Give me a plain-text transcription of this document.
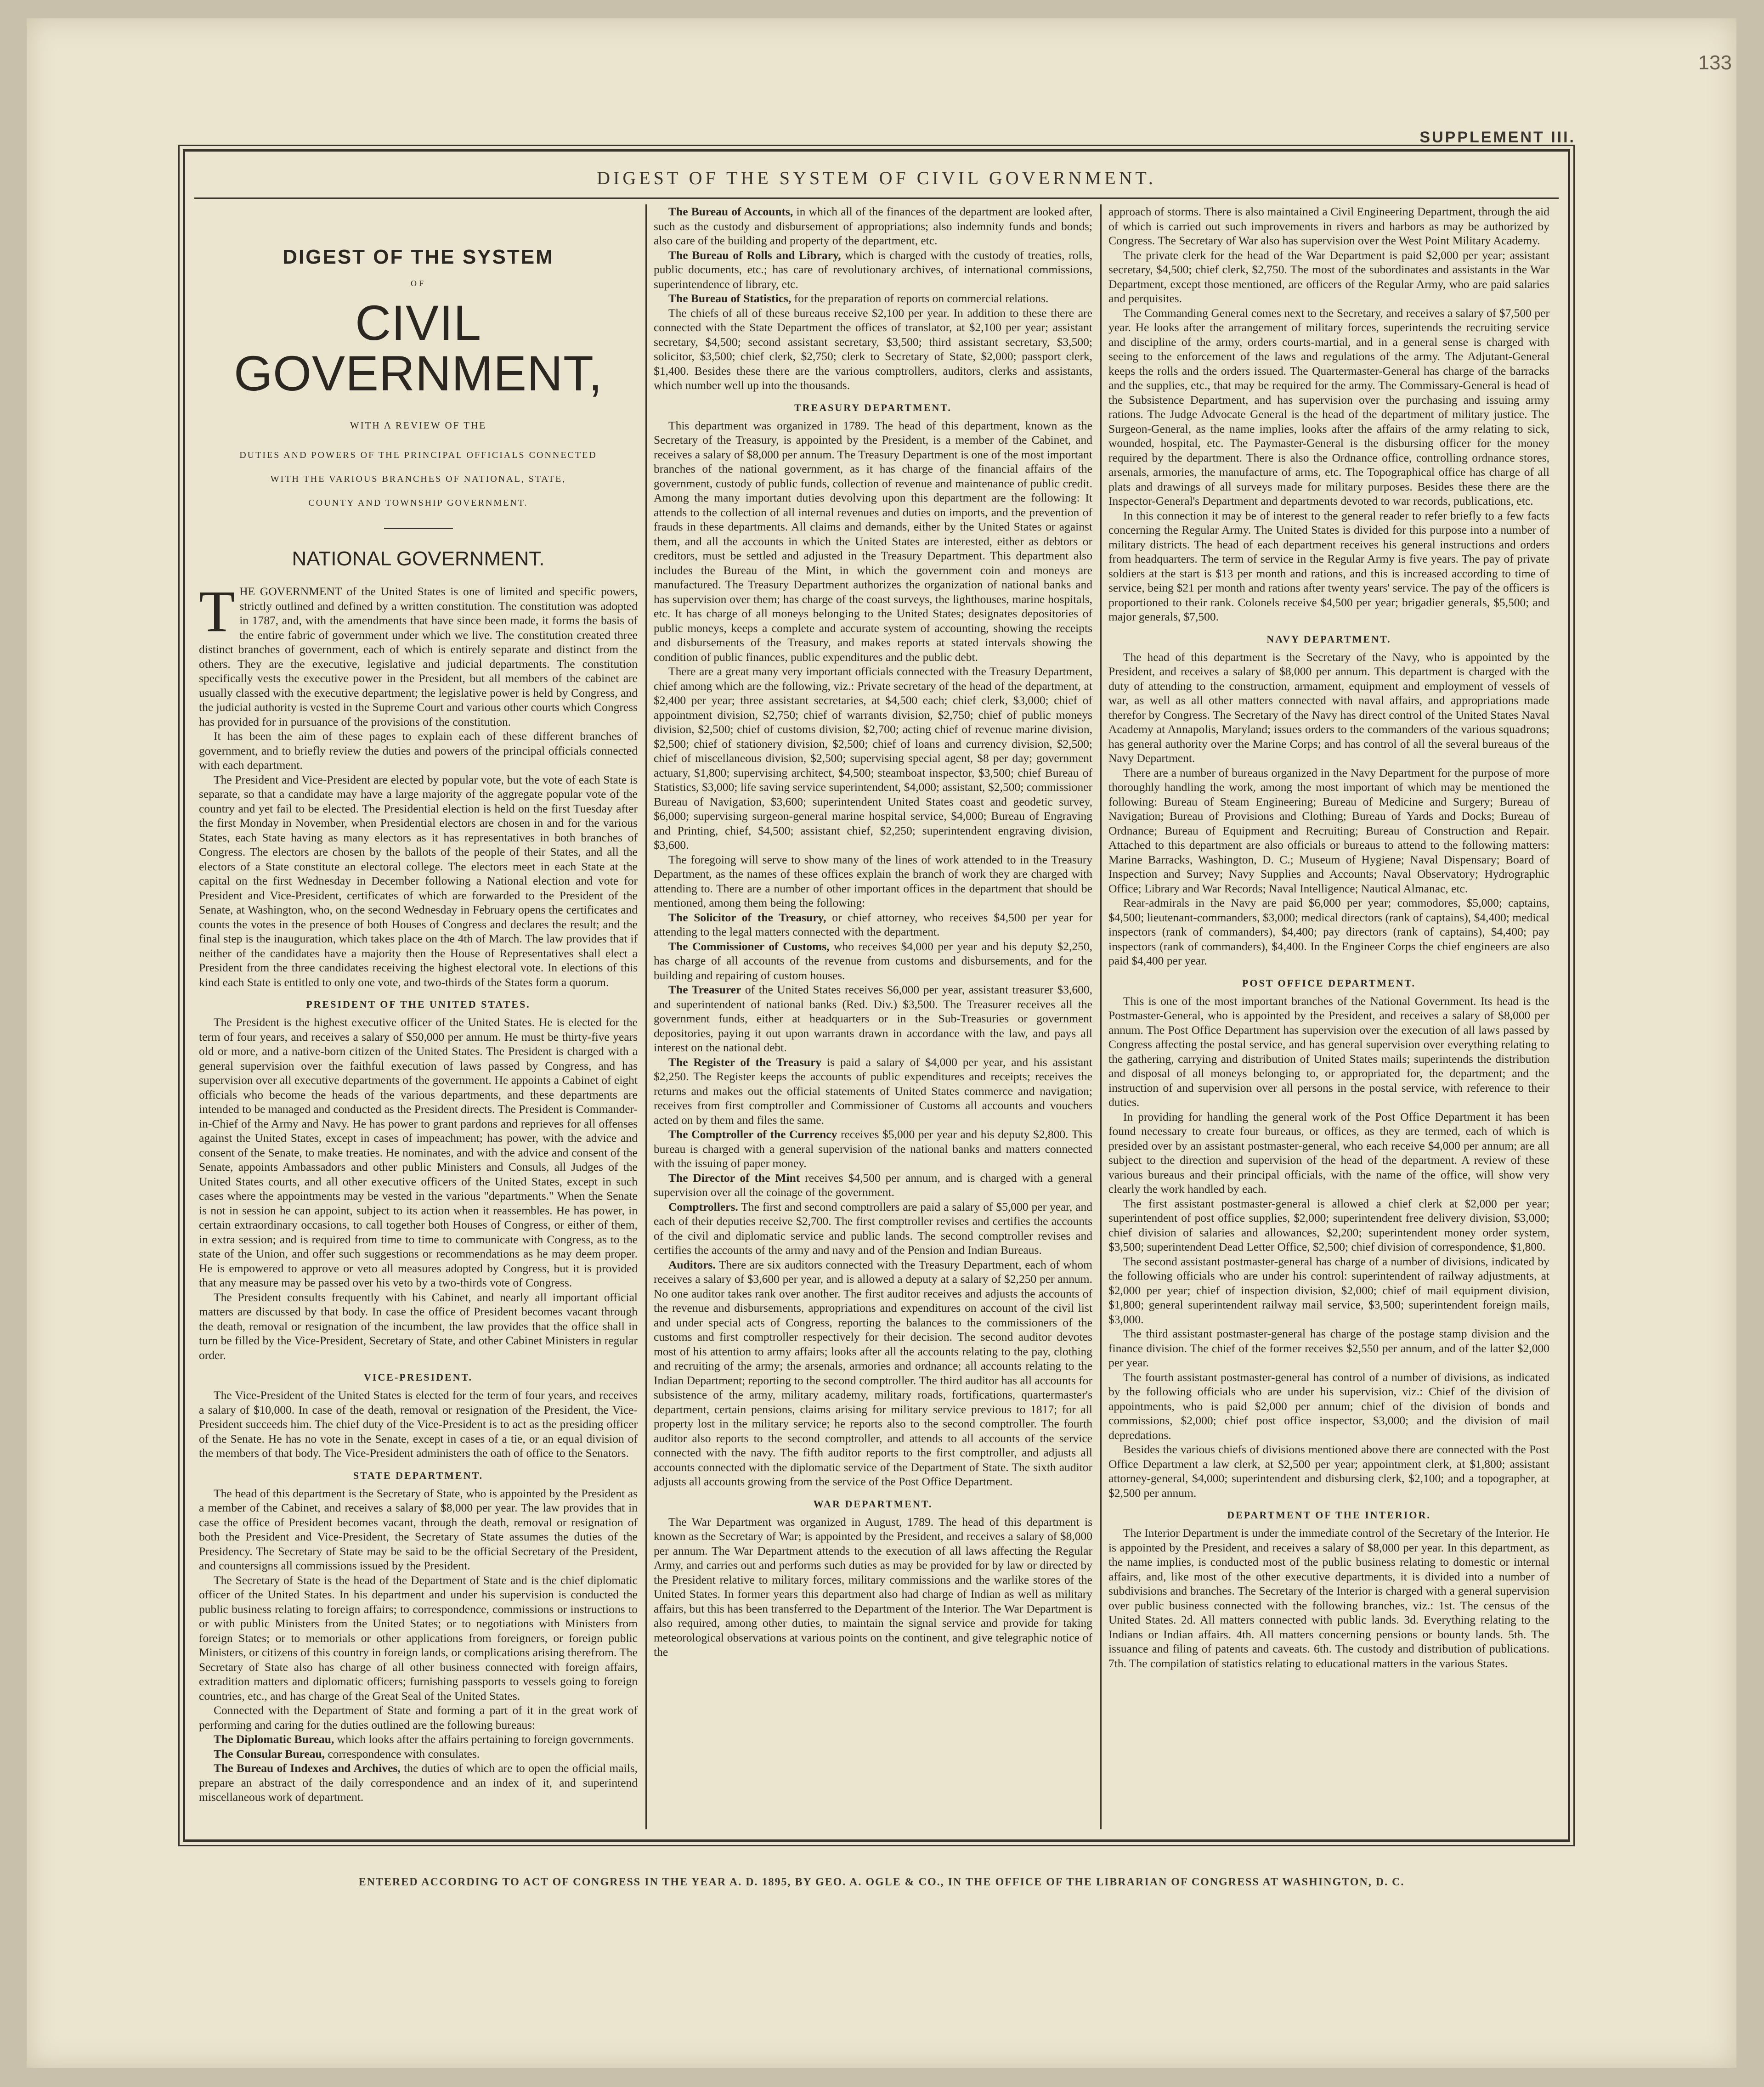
133
SUPPLEMENT III.
DIGEST OF THE SYSTEM OF CIVIL GOVERNMENT.
DIGEST OF THE SYSTEM
OF
CIVIL GOVERNMENT,
WITH A REVIEW OF THE
DUTIES AND POWERS OF THE PRINCIPAL OFFICIALS CONNECTED
WITH THE VARIOUS BRANCHES OF NATIONAL, STATE,
COUNTY AND TOWNSHIP GOVERNMENT.
NATIONAL GOVERNMENT.

THE GOVERNMENT of the United States is one of limited and specific powers, strictly outlined and defined by a written constitution. The constitution was adopted in 1787, and, with the amendments that have since been made, it forms the basis of the entire fabric of government under which we live. The constitution created three distinct branches of government, each of which is entirely separate and distinct from the others. They are the executive, legislative and judicial departments. The constitution specifically vests the executive power in the President, but all members of the cabinet are usually classed with the executive department; the legislative power is held by Congress, and the judicial authority is vested in the Supreme Court and various other courts which Congress has provided for in pursuance of the provisions of the constitution.

It has been the aim of these pages to explain each of these different branches of government, and to briefly review the duties and powers of the principal officials connected with each department.

The President and Vice-President are elected by popular vote, but the vote of each State is separate, so that a candidate may have a large majority of the aggregate popular vote of the country and yet fail to be elected. The Presidential election is held on the first Tuesday after the first Monday in November, when Presidential electors are chosen in and for the various States, each State having as many electors as it has representatives in both branches of Congress. The electors are chosen by the ballots of the people of their States, and all the electors of a State constitute an electoral college. The electors meet in each State at the capital on the first Wednesday in December following a National election and vote for President and Vice-President, certificates of which are forwarded to the President of the Senate, at Washington, who, on the second Wednesday in February opens the certificates and counts the votes in the presence of both Houses of Congress and declares the result; and the final step is the inauguration, which takes place on the 4th of March. The law provides that if neither of the candidates have a majority then the House of Representatives shall elect a President from the three candidates receiving the highest electoral vote. In elections of this kind each State is entitled to only one vote, and two-thirds of the States form a quorum.

PRESIDENT OF THE UNITED STATES.

The President is the highest executive officer of the United States. He is elected for the term of four years, and receives a salary of $50,000 per annum. He must be thirty-five years old or more, and a native-born citizen of the United States. The President is charged with a general supervision over the faithful execution of laws passed by Congress, and has supervision over all executive departments of the government. He appoints a Cabinet of eight officials who become the heads of the various departments, and these departments are intended to be managed and conducted as the President directs. The President is Commander-in-Chief of the Army and Navy. He has power to grant pardons and reprieves for all offenses against the United States, except in cases of impeachment; has power, with the advice and consent of the Senate, to make treaties. He nominates, and with the advice and consent of the Senate, appoints Ambassadors and other public Ministers and Consuls, all Judges of the United States courts, and all other executive officers of the United States, except in such cases where the appointments may be vested in the various "departments." When the Senate is not in session he can appoint, subject to its action when it reassembles. He has power, in certain extraordinary occasions, to call together both Houses of Congress, or either of them, in extra session; and is required from time to time to communicate with Congress, as to the state of the Union, and offer such suggestions or recommendations as he may deem proper. He is empowered to approve or veto all measures adopted by Congress, but it is provided that any measure may be passed over his veto by a two-thirds vote of Congress.

The President consults frequently with his Cabinet, and nearly all important official matters are discussed by that body. In case the office of President becomes vacant through the death, removal or resignation of the incumbent, the law provides that the office shall in turn be filled by the Vice-President, Secretary of State, and other Cabinet Ministers in regular order.

VICE-PRESIDENT.

The Vice-President of the United States is elected for the term of four years, and receives a salary of $10,000. In case of the death, removal or resignation of the President, the Vice-President succeeds him. The chief duty of the Vice-President is to act as the presiding officer of the Senate. He has no vote in the Senate, except in cases of a tie, or an equal division of the members of that body. The Vice-President administers the oath of office to the Senators.

STATE DEPARTMENT.

The head of this department is the Secretary of State, who is appointed by the President as a member of the Cabinet, and receives a salary of $8,000 per year. The law provides that in case the office of President becomes vacant, through the death, removal or resignation of both the President and Vice-President, the Secretary of State assumes the duties of the Presidency. The Secretary of State may be said to be the official Secretary of the President, and countersigns all commissions issued by the President.

The Secretary of State is the head of the Department of State and is the chief diplomatic officer of the United States. In his department and under his supervision is conducted the public business relating to foreign affairs; to correspondence, commissions or instructions to or with public Ministers from the United States; or to negotiations with Ministers from foreign States; or to memorials or other applications from foreigners, or foreign public Ministers, or citizens of this country in foreign lands, or complications arising therefrom. The Secretary of State also has charge of all other business connected with foreign affairs, extradition matters and diplomatic officers; furnishing passports to vessels going to foreign countries, etc., and has charge of the Great Seal of the United States.

Connected with the Department of State and forming a part of it in the great work of performing and caring for the duties outlined are the following bureaus:

The Diplomatic Bureau, which looks after the affairs pertaining to foreign governments.

The Consular Bureau, correspondence with consulates.

The Bureau of Indexes and Archives, the duties of which are to open the official mails, prepare an abstract of the daily correspondence and an index of it, and superintend miscellaneous work of department.

The Bureau of Accounts, in which all of the finances of the department are looked after, such as the custody and disbursement of appropriations; also indemnity funds and bonds; also care of the building and property of the department, etc.

The Bureau of Rolls and Library, which is charged with the custody of treaties, rolls, public documents, etc.; has care of revolutionary archives, of international commissions, superintendence of library, etc.

The Bureau of Statistics, for the preparation of reports on commercial relations.

The chiefs of all of these bureaus receive $2,100 per year. In addition to these there are connected with the State Department the offices of translator, at $2,100 per year; assistant secretary, $4,500; second assistant secretary, $3,500; third assistant secretary, $3,500; solicitor, $3,500; chief clerk, $2,750; clerk to Secretary of State, $2,000; passport clerk, $1,400. Besides these there are the various comptrollers, auditors, clerks and assistants, which number well up into the thousands.

TREASURY DEPARTMENT.

This department was organized in 1789. The head of this department, known as the Secretary of the Treasury, is appointed by the President, is a member of the Cabinet, and receives a salary of $8,000 per annum. The Treasury Department is one of the most important branches of the national government, as it has charge of the financial affairs of the government, custody of public funds, collection of revenue and maintenance of public credit. Among the many important duties devolving upon this department are the following: It attends to the collection of all internal revenues and duties on imports, and the prevention of frauds in these departments. All claims and demands, either by the United States or against them, and all the accounts in which the United States are interested, either as debtors or creditors, must be settled and adjusted in the Treasury Department. This department also includes the Bureau of the Mint, in which the government coin and moneys are manufactured. The Treasury Department authorizes the organization of national banks and has supervision over them; has charge of the coast surveys, the lighthouses, marine hospitals, etc. It has charge of all moneys belonging to the United States; designates depositories of public moneys, keeps a complete and accurate system of accounting, showing the receipts and disbursements of the Treasury, and makes reports at stated intervals showing the condition of public finances, public expenditures and the public debt.

There are a great many very important officials connected with the Treasury Department, chief among which are the following, viz.: Private secretary of the head of the department, at $2,400 per year; three assistant secretaries, at $4,500 each; chief clerk, $3,000; chief of appointment division, $2,750; chief of warrants division, $2,750; chief of public moneys division, $2,500; chief of customs division, $2,700; acting chief of revenue marine division, $2,500; chief of stationery division, $2,500; chief of loans and currency division, $2,500; chief of miscellaneous division, $2,500; supervising special agent, $8 per day; government actuary, $1,800; supervising architect, $4,500; steamboat inspector, $3,500; chief Bureau of Statistics, $3,000; life saving service superintendent, $4,000; assistant, $2,500; commissioner Bureau of Navigation, $3,600; superintendent United States coast and geodetic survey, $6,000; supervising surgeon-general marine hospital service, $4,000; Bureau of Engraving and Printing, chief, $4,500; assistant chief, $2,250; superintendent engraving division, $3,600.

The foregoing will serve to show many of the lines of work attended to in the Treasury Department, as the names of these offices explain the branch of work they are charged with attending to. There are a number of other important offices in the department that should be mentioned, among them being the following:

The Solicitor of the Treasury, or chief attorney, who receives $4,500 per year for attending to the legal matters connected with the department.

The Commissioner of Customs, who receives $4,000 per year and his deputy $2,250, has charge of all accounts of the revenue from customs and disbursements, and for the building and repairing of custom houses.

The Treasurer of the United States receives $6,000 per year, assistant treasurer $3,600, and superintendent of national banks (Red. Div.) $3,500. The Treasurer receives all the government funds, either at headquarters or in the Sub-Treasuries or government depositories, paying it out upon warrants drawn in accordance with the law, and pays all interest on the national debt.

The Register of the Treasury is paid a salary of $4,000 per year, and his assistant $2,250. The Register keeps the accounts of public expenditures and receipts; receives the returns and makes out the official statements of United States commerce and navigation; receives from first comptroller and Commissioner of Customs all accounts and vouchers acted on by them and files the same.

The Comptroller of the Currency receives $5,000 per year and his deputy $2,800. This bureau is charged with a general supervision of the national banks and matters connected with the issuing of paper money.

The Director of the Mint receives $4,500 per annum, and is charged with a general supervision over all the coinage of the government.

Comptrollers. The first and second comptrollers are paid a salary of $5,000 per year, and each of their deputies receive $2,700. The first comptroller revises and certifies the accounts of the civil and diplomatic service and public lands. The second comptroller revises and certifies the accounts of the army and navy and of the Pension and Indian Bureaus.

Auditors. There are six auditors connected with the Treasury Department, each of whom receives a salary of $3,600 per year, and is allowed a deputy at a salary of $2,250 per annum. No one auditor takes rank over another. The first auditor receives and adjusts the accounts of the revenue and disbursements, appropriations and expenditures on account of the civil list and under special acts of Congress, reporting the balances to the commissioners of the customs and first comptroller respectively for their decision. The second auditor devotes most of his attention to army affairs; looks after all the accounts relating to the pay, clothing and recruiting of the army; the arsenals, armories and ordnance; all accounts relating to the Indian Department; reporting to the second comptroller. The third auditor has all accounts for subsistence of the army, military academy, military roads, fortifications, quartermaster's department, certain pensions, claims arising for military service previous to 1817; for all property lost in the military service; he reports also to the second comptroller. The fourth auditor also reports to the second comptroller, and attends to all accounts of the service connected with the navy. The fifth auditor reports to the first comptroller, and adjusts all accounts connected with the diplomatic service of the Department of State. The sixth auditor adjusts all accounts growing from the service of the Post Office Department.

WAR DEPARTMENT.

The War Department was organized in August, 1789. The head of this department is known as the Secretary of War; is appointed by the President, and receives a salary of $8,000 per annum. The War Department attends to the execution of all laws affecting the Regular Army, and carries out and performs such duties as may be provided for by law or directed by the President relative to military forces, military commissions and the warlike stores of the United States. In former years this department also had charge of Indian as well as military affairs, but this has been transferred to the Department of the Interior. The War Department is also required, among other duties, to maintain the signal service and provide for taking meteorological observations at various points on the continent, and give telegraphic notice of the

approach of storms. There is also maintained a Civil Engineering Department, through the aid of which is carried out such improvements in rivers and harbors as may be authorized by Congress. The Secretary of War also has supervision over the West Point Military Academy.

The private clerk for the head of the War Department is paid $2,000 per year; assistant secretary, $4,500; chief clerk, $2,750. The most of the subordinates and assistants in the War Department, except those mentioned, are officers of the Regular Army, who are paid salaries and perquisites.

The Commanding General comes next to the Secretary, and receives a salary of $7,500 per year. He looks after the arrangement of military forces, superintends the recruiting service and discipline of the army, orders courts-martial, and in a general sense is charged with seeing to the enforcement of the laws and regulations of the army. The Adjutant-General keeps the rolls and the orders issued. The Quartermaster-General has charge of the barracks and the supplies, etc., that may be required for the army. The Commissary-General is head of the Subsistence Department, and has supervision over the purchasing and issuing army rations. The Judge Advocate General is the head of the department of military justice. The Surgeon-General, as the name implies, looks after the affairs of the army relating to sick, wounded, hospital, etc. The Paymaster-General is the disbursing officer for the money required by the department. There is also the Ordnance office, controlling ordnance stores, arsenals, armories, the manufacture of arms, etc. The Topographical office has charge of all plats and drawings of all surveys made for military purposes. Besides these there are the Inspector-General's Department and departments devoted to war records, publications, etc.

In this connection it may be of interest to the general reader to refer briefly to a few facts concerning the Regular Army. The United States is divided for this purpose into a number of military districts. The head of each department receives his general instructions and orders from headquarters. The term of service in the Regular Army is five years. The pay of private soldiers at the start is $13 per month and rations, and this is increased according to time of service, being $21 per month and rations after twenty years' service. The pay of the officers is proportioned to their rank. Colonels receive $4,500 per year; brigadier generals, $5,500; and major generals, $7,500.

NAVY DEPARTMENT.

The head of this department is the Secretary of the Navy, who is appointed by the President, and receives a salary of $8,000 per annum. This department is charged with the duty of attending to the construction, armament, equipment and employment of vessels of war, as well as all other matters connected with naval affairs, and appropriations made therefor by Congress. The Secretary of the Navy has direct control of the United States Naval Academy at Annapolis, Maryland; issues orders to the commanders of the various squadrons; has general authority over the Marine Corps; and has control of all the several bureaus of the Navy Department.

There are a number of bureaus organized in the Navy Department for the purpose of more thoroughly handling the work, among the most important of which may be mentioned the following: Bureau of Steam Engineering; Bureau of Medicine and Surgery; Bureau of Navigation; Bureau of Provisions and Clothing; Bureau of Yards and Docks; Bureau of Ordnance; Bureau of Equipment and Recruiting; Bureau of Construction and Repair. Attached to this department are also officials or bureaus to attend to the following matters: Marine Barracks, Washington, D. C.; Museum of Hygiene; Naval Dispensary; Board of Inspection and Survey; Navy Supplies and Accounts; Naval Observatory; Hydrographic Office; Library and War Records; Naval Intelligence; Nautical Almanac, etc.

Rear-admirals in the Navy are paid $6,000 per year; commodores, $5,000; captains, $4,500; lieutenant-commanders, $3,000; medical directors (rank of captains), $4,400; medical inspectors (rank of commanders), $4,400; pay directors (rank of captains), $4,400; pay inspectors (rank of commanders), $4,400. In the Engineer Corps the chief engineers are also paid $4,400 per year.

POST OFFICE DEPARTMENT.

This is one of the most important branches of the National Government. Its head is the Postmaster-General, who is appointed by the President, and receives a salary of $8,000 per annum. The Post Office Department has supervision over the execution of all laws passed by Congress affecting the postal service, and has general supervision over everything relating to the gathering, carrying and distribution of United States mails; superintends the distribution and disposal of all moneys belonging to, or appropriated for, the department; and the instruction of and supervision over all persons in the postal service, with reference to their duties.

In providing for handling the general work of the Post Office Department it has been found necessary to create four bureaus, or offices, as they are termed, each of which is presided over by an assistant postmaster-general, who each receive $4,000 per annum; are all subject to the direction and supervision of the head of the department. A review of these various bureaus and their principal officials, with the name of the office, will show very clearly the work handled by each.

The first assistant postmaster-general is allowed a chief clerk at $2,000 per year; superintendent of post office supplies, $2,000; superintendent free delivery division, $3,000; chief division of salaries and allowances, $2,200; superintendent money order system, $3,500; superintendent Dead Letter Office, $2,500; chief division of correspondence, $1,800.

The second assistant postmaster-general has charge of a number of divisions, indicated by the following officials who are under his control: superintendent of railway adjustments, at $2,000 per year; chief of inspection division, $2,000; chief of mail equipment division, $1,800; general superintendent railway mail service, $3,500; superintendent foreign mails, $3,000.

The third assistant postmaster-general has charge of the postage stamp division and the finance division. The chief of the former receives $2,550 per annum, and of the latter $2,000 per year.

The fourth assistant postmaster-general has control of a number of divisions, as indicated by the following officials who are under his supervision, viz.: Chief of the division of appointments, who is paid $2,000 per annum; chief of the division of bonds and commissions, $2,000; chief post office inspector, $3,000; and the division of mail depredations.

Besides the various chiefs of divisions mentioned above there are connected with the Post Office Department a law clerk, at $2,500 per year; appointment clerk, at $1,800; assistant attorney-general, $4,000; superintendent and disbursing clerk, $2,100; and a topographer, at $2,500 per annum.

DEPARTMENT OF THE INTERIOR.

The Interior Department is under the immediate control of the Secretary of the Interior. He is appointed by the President, and receives a salary of $8,000 per year. In this department, as the name implies, is conducted most of the public business relating to domestic or internal affairs, and, like most of the other executive departments, it is divided into a number of subdivisions and branches. The Secretary of the Interior is charged with a general supervision over public business connected with the following branches, viz.: 1st. The census of the United States. 2d. All matters connected with public lands. 3d. Everything relating to the Indians or Indian affairs. 4th. All matters concerning pensions or bounty lands. 5th. The issuance and filing of patents and caveats. 6th. The custody and distribution of publications. 7th. The compilation of statistics relating to educational matters in the various States.

ENTERED ACCORDING TO ACT OF CONGRESS IN THE YEAR A. D. 1895, BY GEO. A. OGLE & CO., IN THE OFFICE OF THE LIBRARIAN OF CONGRESS AT WASHINGTON, D. C.
